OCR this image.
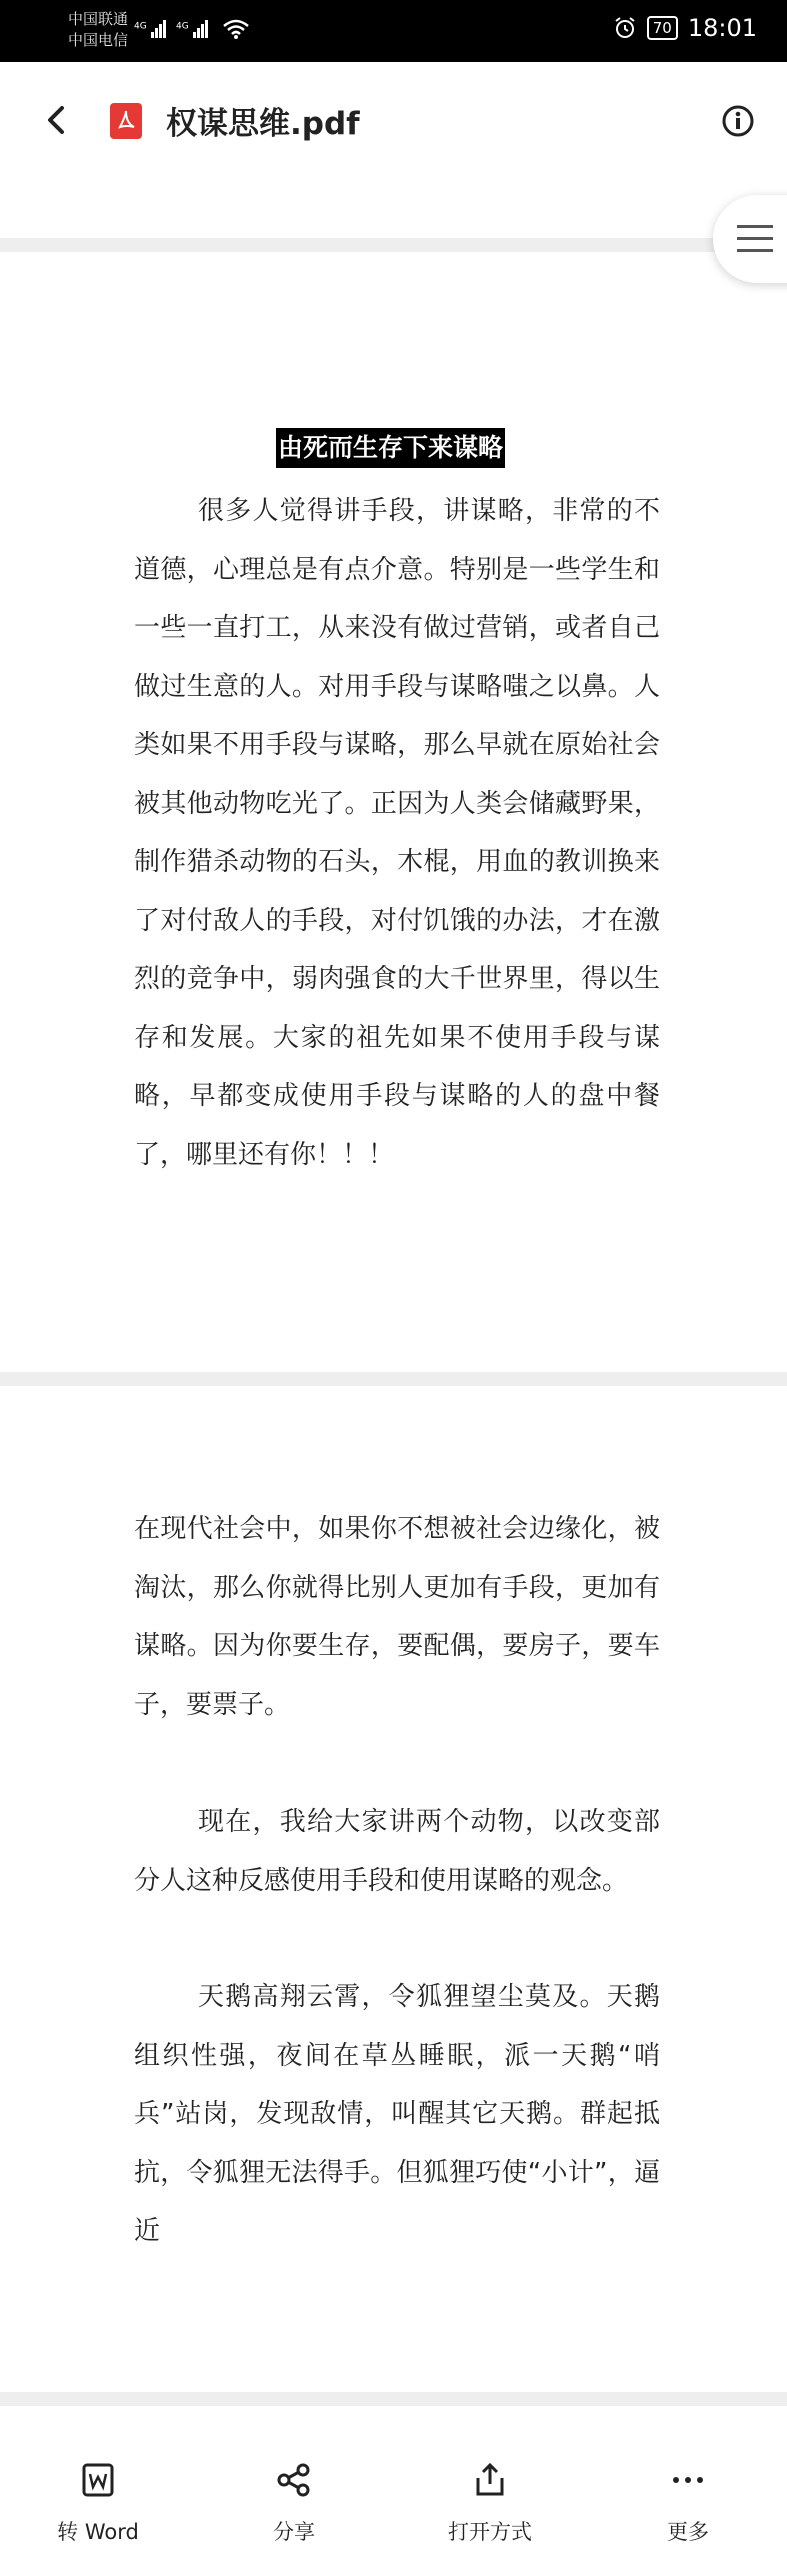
中国联通
中国电信
$^{4G}$	$^{4G}$	70 18:01
权谋思维.pdf
由死而生存下来谋略

很多人觉得讲手段，讲谋略，非常的不道德，心理总是有点介意。特别是一些学生和一些一直打工，从来没有做过营销，或者自己做过生意的人。对用手段与谋略嗤之以鼻。人类如果不用手段与谋略，那么早就在原始社会被其他动物吃光了。正因为人类会储藏野果，制作猎杀动物的石头，木棍，用血的教训换来了对付敌人的手段，对付饥饿的办法，才在激烈的竞争中，弱肉强食的大千世界里，得以生存和发展。大家的祖先如果不使用手段与谋略，早都变成使用手段与谋略的人的盘中餐了，哪里还有你！！！

在现代社会中，如果你不想被社会边缘化，被淘汰，那么你就得比别人更加有手段，更加有谋略。因为你要生存，要配偶，要房子，要车子，要票子。

现在，我给大家讲两个动物，以改变部分人这种反感使用手段和使用谋略的观念。

天鹅高翔云霄，令狐狸望尘莫及。天鹅组织性强，夜间在草丛睡眠，派一天鹅“哨兵”站岗，发现敌情，叫醒其它天鹅。群起抵抗，令狐狸无法得手。但狐狸巧使“小计”，逼近

转 Word	分享	打开方式	更多
